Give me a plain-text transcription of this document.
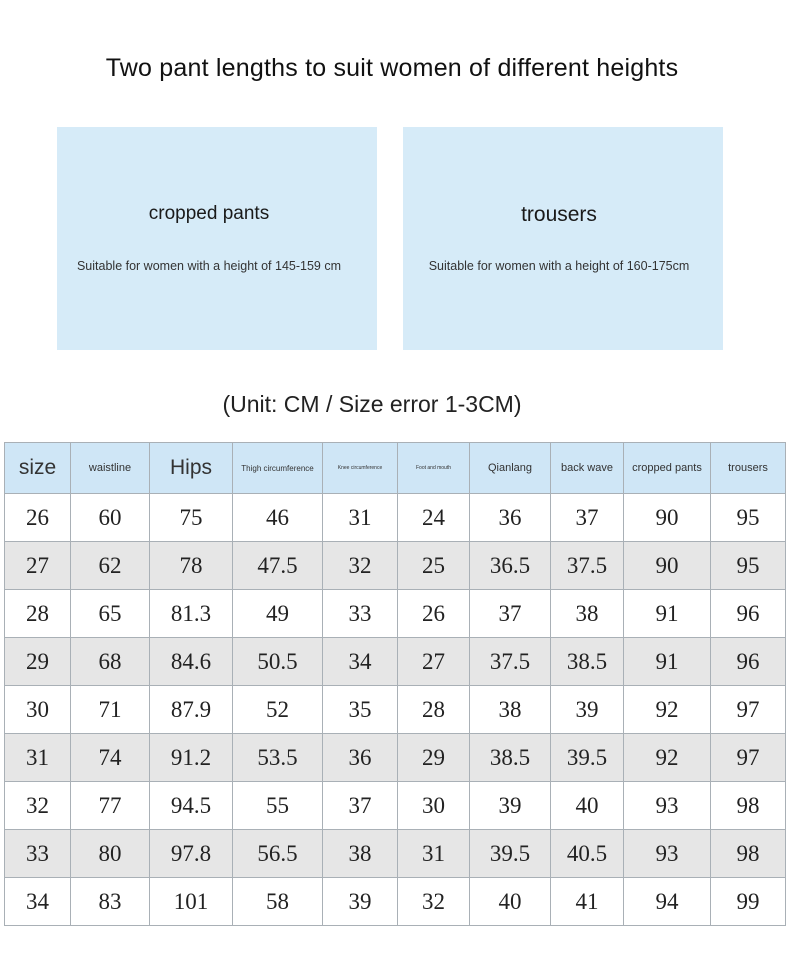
Two pant lengths to suit women of different heights
cropped pants
Suitable for women with a height of 145-159 cm
trousers
Suitable for women with a height of 160-175cm
(Unit: CM / Size error 1-3CM)
size	waistline	Hips	Thigh circumference	Knee circumference	Foot and mouth	Qianlang	back wave	cropped pants	trousers
26	60	75	46	31	24	36	37	90	95
27	62	78	47.5	32	25	36.5	37.5	90	95
28	65	81.3	49	33	26	37	38	91	96
29	68	84.6	50.5	34	27	37.5	38.5	91	96
30	71	87.9	52	35	28	38	39	92	97
31	74	91.2	53.5	36	29	38.5	39.5	92	97
32	77	94.5	55	37	30	39	40	93	98
33	80	97.8	56.5	38	31	39.5	40.5	93	98
34	83	101	58	39	32	40	41	94	99
